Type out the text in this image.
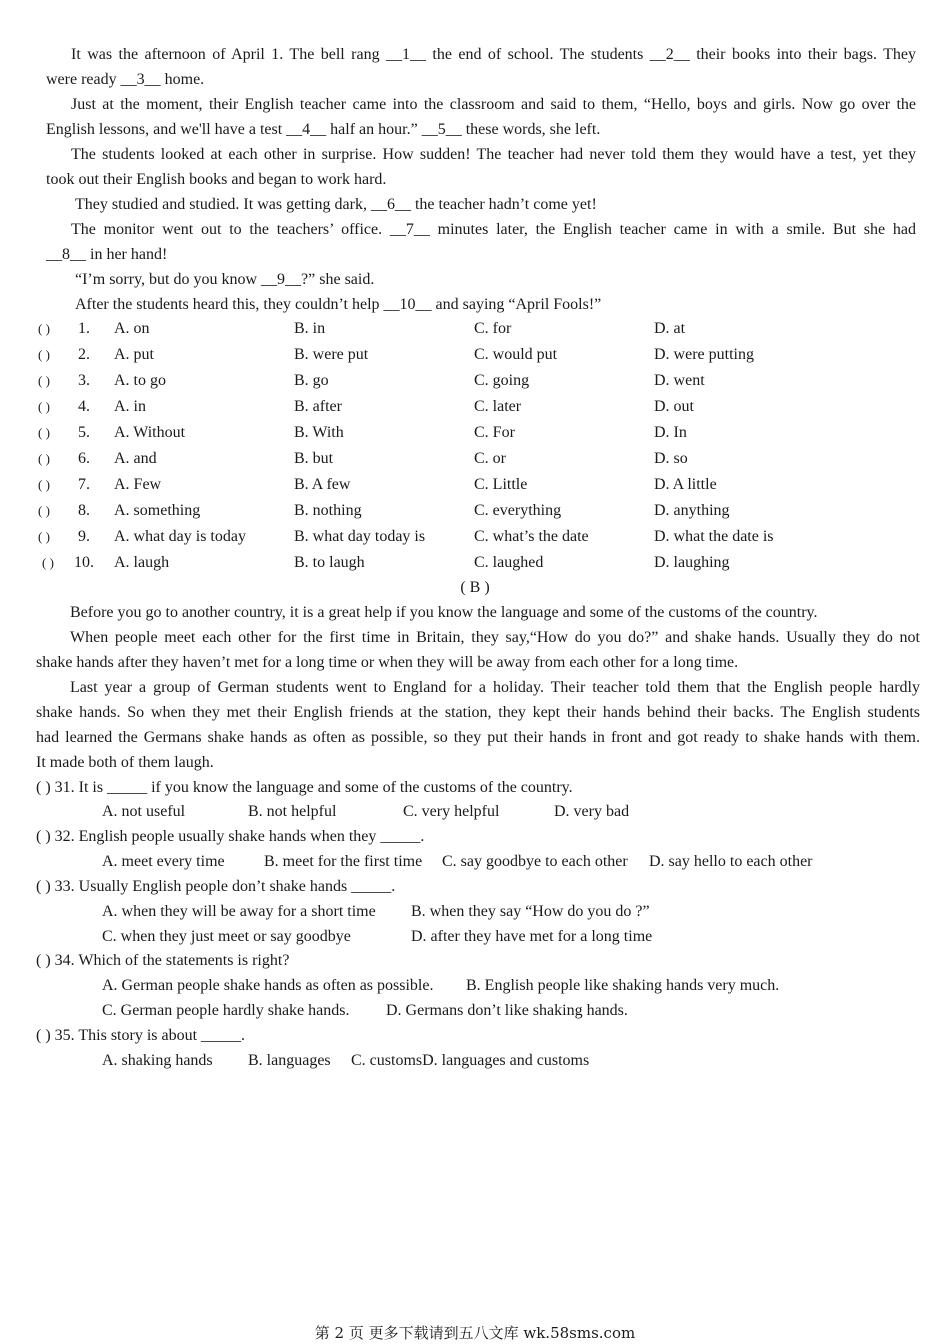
It was the afternoon of April 1. The bell rang __1__ the end of school. The students __2__ their books into their bags. They
were ready __3__ home.
Just at the moment, their English teacher came into the classroom and said to them, “Hello, boys and girls. Now go over the
English lessons, and we'll have a test __4__ half an hour.” __5__ these words, she left.
The students looked at each other in surprise. How sudden! The teacher had never told them they would have a test, yet they
took out their English books and began to work hard.
They studied and studied. It was getting dark, __6__ the teacher hadn’t come yet!
The monitor went out to the teachers’ office. __7__ minutes later, the English teacher came in with a smile. But she had
__8__ in her hand!
“I’m sorry, but do you know __9__?” she said.
After the students heard this, they couldn’t help __10__ and saying “April Fools!”
( ) 1. A. on	B. in	C. for	D. at
( ) 2. A. put	B. were put	C. would put	D. were putting
( ) 3. A. to go	B. go	C. going	D. went
( ) 4. A. in	B. after	C. later	D. out
( ) 5. A. Without	B. With	C. For	D. In
( ) 6. A. and	B. but	C. or	D. so
( ) 7. A. Few	B. A few	C. Little	D. A little
( ) 8. A. something	B. nothing	C. everything	D. anything
( ) 9. A. what day is today	B. what day today is	C. what’s the date	D. what the date is
( ) 10. A. laugh	B. to laugh	C. laughed	D. laughing
( B )
Before you go to another country, it is a great help if you know the language and some of the customs of the country.
When people meet each other for the first time in Britain, they say,“How do you do?” and shake hands. Usually they do not
shake hands after they haven’t met for a long time or when they will be away from each other for a long time.
Last year a group of German students went to England for a holiday. Their teacher told them that the English people hardly
shake hands. So when they met their English friends at the station, they kept their hands behind their backs. The English students
had learned the Germans shake hands as often as possible, so they put their hands in front and got ready to shake hands with them.
It made both of them laugh.
( ) 31. It is _____ if you know the language and some of the customs of the country.
A. not useful	B. not helpful	C. very helpful	D. very bad
( ) 32. English people usually shake hands when they _____.
A. meet every time B. meet for the first time C. say goodbye to each other D. say hello to each other
( ) 33. Usually English people don’t shake hands _____.
A. when they will be away for a short time B. when they say “How do you do ?”
C. when they just meet or say goodbye	D. after they have met for a long time
( ) 34. Which of the statements is right?
A. German people shake hands as often as possible. B. English people like shaking hands very much.
C. German people hardly shake hands. D. Germans don’t like shaking hands.
( ) 35. This story is about _____.
A. shaking hands B. languages C. customsD. languages and customs
第 2 页 更多下载请到五八文库 wk.58sms.com
